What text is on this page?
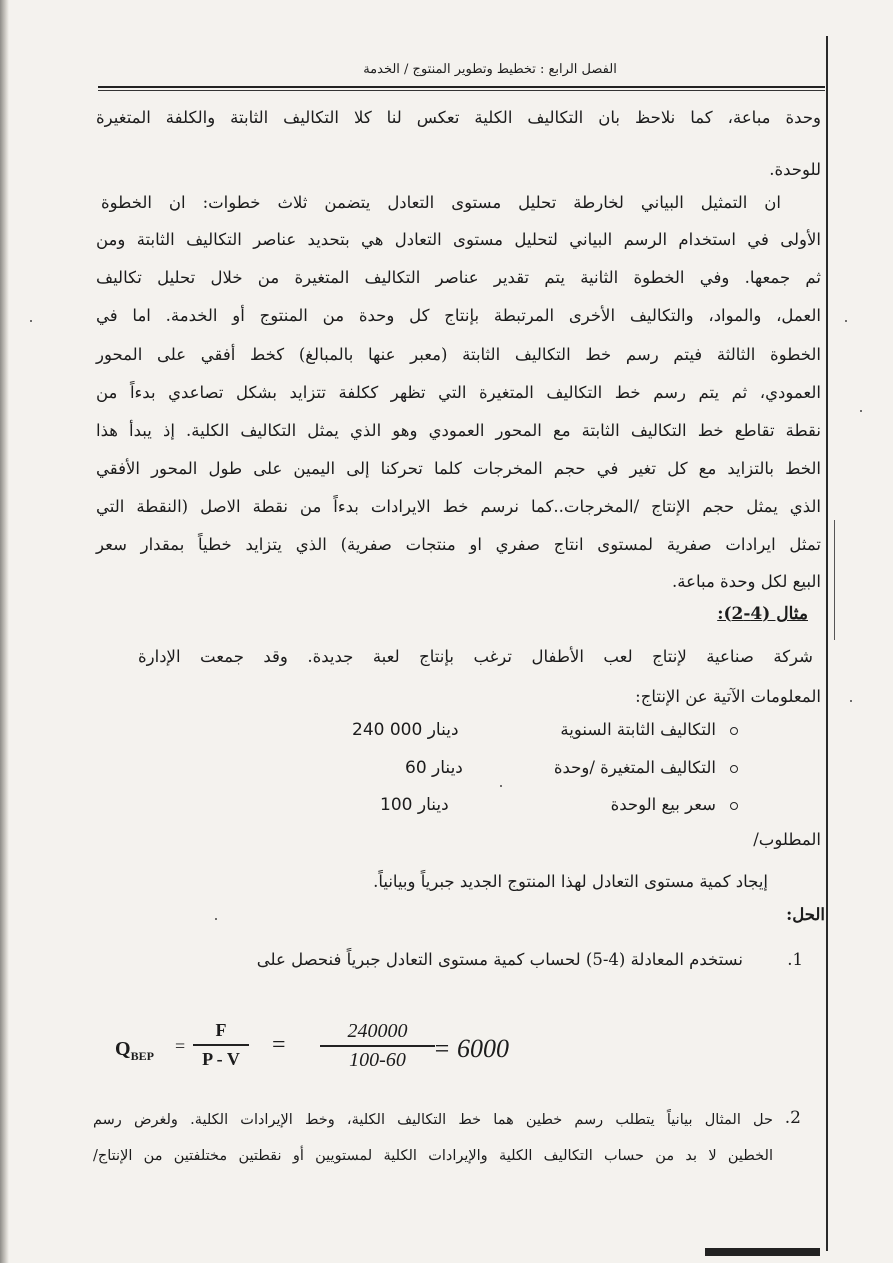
الفصل الرابع : تخطيط وتطوير المنتوج / الخدمة
وحدة مباعة، كما نلاحظ بان التكاليف الكلية تعكس لنا كلا التكاليف الثابتة والكلفة المتغيرة
للوحدة.
ان التمثيل البياني لخارطة تحليل مستوى التعادل يتضمن ثلاث خطوات: ان الخطوة
الأولى في استخدام الرسم البياني لتحليل مستوى التعادل هي بتحديد عناصر التكاليف الثابتة ومن
ثم جمعها. وفي الخطوة الثانية يتم تقدير عناصر التكاليف المتغيرة من خلال تحليل تكاليف
العمل، والمواد، والتكاليف الأخرى المرتبطة بإنتاج كل وحدة من المنتوج أو الخدمة. اما في
الخطوة الثالثة فيتم رسم خط التكاليف الثابتة (معبر عنها بالمبالغ) كخط أفقي على المحور
العمودي، ثم يتم رسم خط التكاليف المتغيرة التي تظهر ككلفة تتزايد بشكل تصاعدي بدءاً من
نقطة تقاطع خط التكاليف الثابتة مع المحور العمودي وهو الذي يمثل التكاليف الكلية. إذ يبدأ هذا
الخط بالتزايد مع كل تغير في حجم المخرجات كلما تحركنا إلى اليمين على طول المحور الأفقي
الذي يمثل حجم الإنتاج /المخرجات..كما نرسم خط الايرادات بدءاً من نقطة الاصل (النقطة التي
تمثل ايرادات صفرية لمستوى انتاج صفري او منتجات صفرية) الذي يتزايد خطياً بمقدار سعر
البيع لكل وحدة مباعة.
مثال (4-2):
شركة صناعية لإنتاج لعب الأطفال ترغب بإنتاج لعبة جديدة. وقد جمعت الإدارة
المعلومات الآتية عن الإنتاج:
التكاليف الثابتة السنوية
240 000 دينار
التكاليف المتغيرة /وحدة
60 دينار
سعر بيع الوحدة
100 دينار
المطلوب/
إيجاد كمية مستوى التعادل لهذا المنتوج الجديد جبرياً وبيانياً.
الحل:
1.
نستخدم المعادلة (4-5) لحساب كمية مستوى التعادل جبرياً فنحصل على
$Q_{BEP}$ =
F
P - V
=
240000
100-60	= 6000
2.
حل المثال بيانياً يتطلب رسم خطين هما خط التكاليف الكلية، وخط الإيرادات الكلية. ولغرض رسم
الخطين لا بد من حساب التكاليف الكلية والإيرادات الكلية لمستويين أو نقطتين مختلفتين من الإنتاج/
